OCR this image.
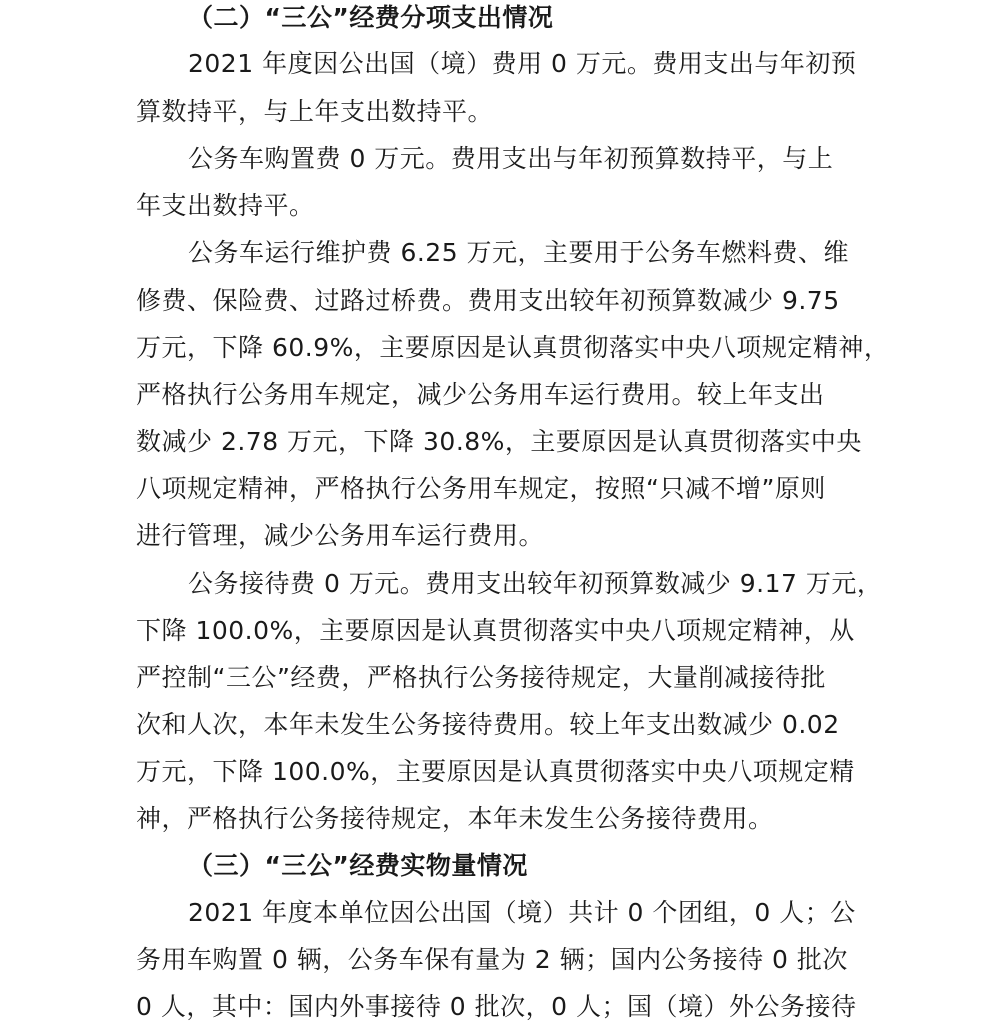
（二）“三公”经费分项支出情况
2021 年度因公出国（境）费用 0 万元。费用支出与年初预
算数持平，与上年支出数持平。
公务车购置费 0 万元。费用支出与年初预算数持平，与上
年支出数持平。
公务车运行维护费 6.25 万元，主要用于公务车燃料费、维
修费、保险费、过路过桥费。费用支出较年初预算数减少 9.75
万元，下降 60.9%，主要原因是认真贯彻落实中央八项规定精神，
严格执行公务用车规定，减少公务用车运行费用。较上年支出
数减少 2.78 万元，下降 30.8%，主要原因是认真贯彻落实中央
八项规定精神，严格执行公务用车规定，按照“只减不增”原则
进行管理，减少公务用车运行费用。
公务接待费 0 万元。费用支出较年初预算数减少 9.17 万元，
下降 100.0%，主要原因是认真贯彻落实中央八项规定精神，从
严控制“三公”经费，严格执行公务接待规定，大量削减接待批
次和人次，本年未发生公务接待费用。较上年支出数减少 0.02
万元，下降 100.0%，主要原因是认真贯彻落实中央八项规定精
神，严格执行公务接待规定，本年未发生公务接待费用。
（三）“三公”经费实物量情况
2021 年度本单位因公出国（境）共计 0 个团组，0 人；公
务用车购置 0 辆，公务车保有量为 2 辆；国内公务接待 0 批次
0 人，其中：国内外事接待 0 批次，0 人；国（境）外公务接待
